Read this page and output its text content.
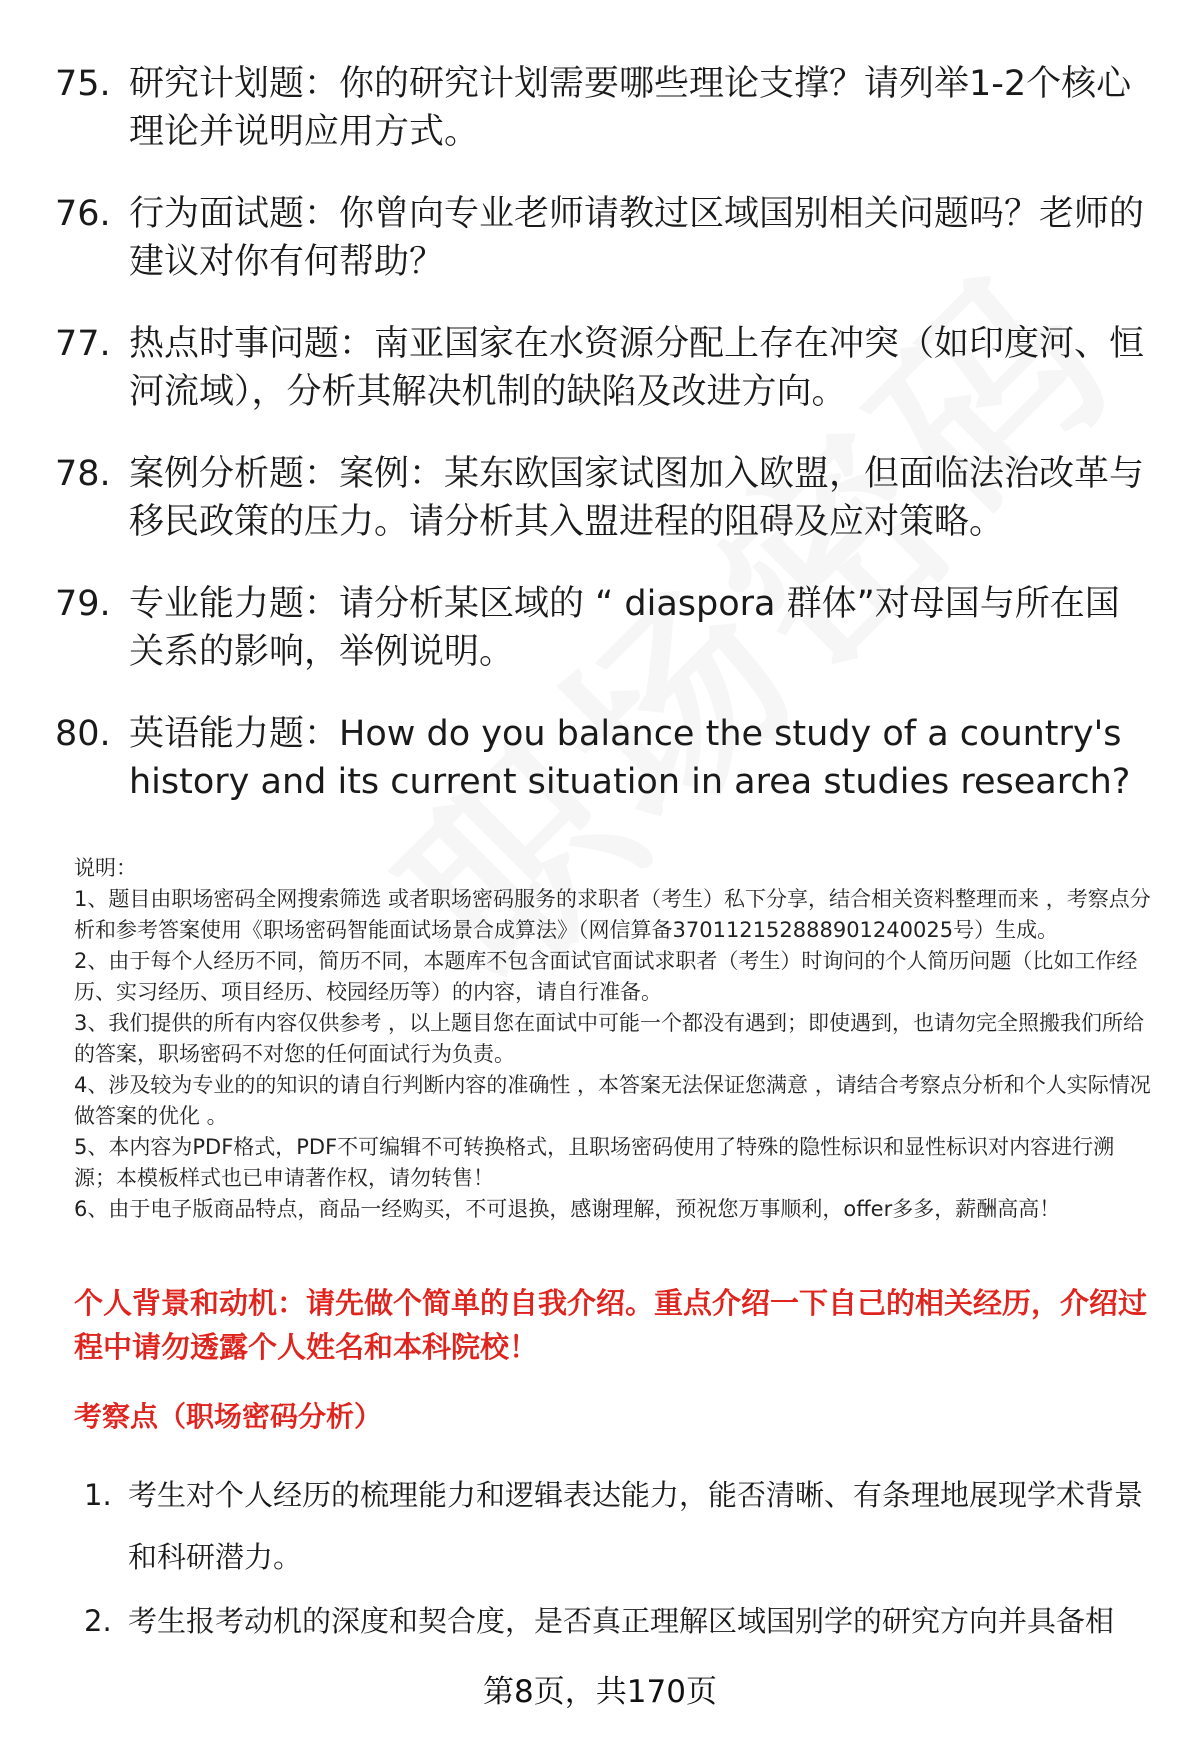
75. 研究计划题：你的研究计划需要哪些理论支撑？请列举1-2个核心理论并说明应用方式。
76. 行为面试题：你曾向专业老师请教过区域国别相关问题吗？老师的建议对你有何帮助？
77. 热点时事问题：南亚国家在水资源分配上存在冲突（如印度河、恒河流域），分析其解决机制的缺陷及改进方向。
78. 案例分析题：案例：某东欧国家试图加入欧盟，但面临法治改革与移民政策的压力。请分析其入盟进程的阻碍及应对策略。
79. 专业能力题：请分析某区域的 “ diaspora 群体”对母国与所在国关系的影响，举例说明。
80. 英语能力题：How do you balance the study of a country's history and its current situation in area studies research?

说明：

1、题目由职场密码全网搜索筛选 或者职场密码服务的求职者（考生）私下分享，结合相关资料整理而来 ，考察点分析和参考答案使用《职场密码智能面试场景合成算法》（网信算备370112152888901240025号）生成。

2、由于每个人经历不同，简历不同，本题库不包含面试官面试求职者（考生）时询问的个人简历问题（比如工作经历、实习经历、项目经历、校园经历等）的内容，请自行准备。

3、我们提供的所有内容仅供参考 ，以上题目您在面试中可能一个都没有遇到；即使遇到，也请勿完全照搬我们所给的答案，职场密码不对您的任何面试行为负责。

4、涉及较为专业的的知识的请自行判断内容的准确性 ，本答案无法保证您满意 ，请结合考察点分析和个人实际情况做答案的优化 。

5、本内容为PDF格式，PDF不可编辑不可转换格式，且职场密码使用了特殊的隐性标识和显性标识对内容进行溯源；本模板样式也已申请著作权，请勿转售！

6、由于电子版商品特点，商品一经购买，不可退换，感谢理解，预祝您万事顺利，offer多多，薪酬高高！

个人背景和动机：请先做个简单的自我介绍。重点介绍一下自己的相关经历，介绍过程中请勿透露个人姓名和本科院校！
考察点（职场密码分析）
1. 考生对个人经历的梳理能力和逻辑表达能力，能否清晰、有条理地展现学术背景和科研潜力。
2. 考生报考动机的深度和契合度，是否真正理解区域国别学的研究方向并具备相
第8页，共170页
